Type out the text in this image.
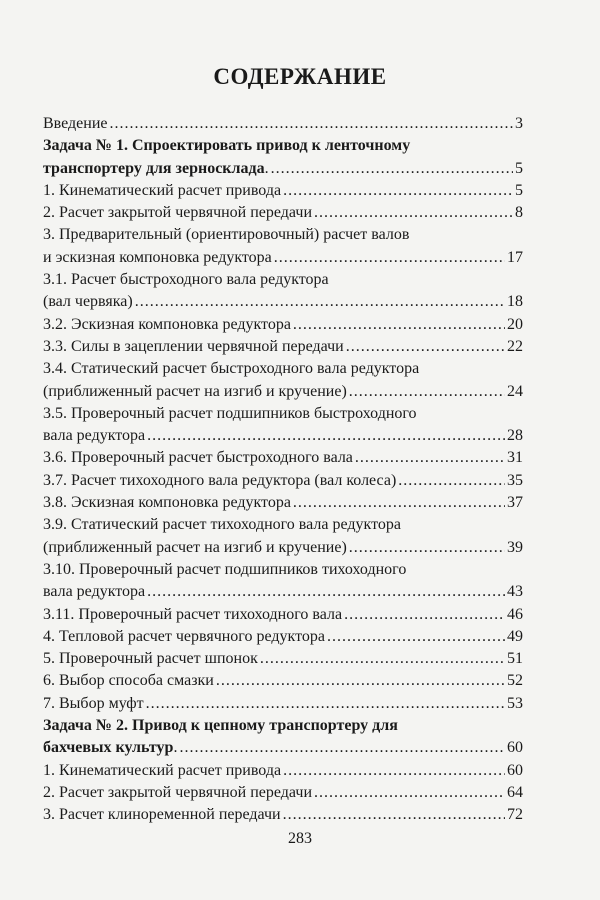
СОДЕРЖАНИЕ
Введение .....	3
Задача № 1. Спроектировать привод к ленточному
транспортеру для зерносклада . .....	5
1. Кинематический расчет привода .....	5
2. Расчет закрытой червячной передачи .....	8
3. Предварительный (ориентировочный) расчет валов
и эскизная компоновка редуктора .....	17
3.1. Расчет быстроходного вала редуктора
(вал червяка) .....	18
3.2. Эскизная компоновка редуктора .....	20
3.3. Силы в зацеплении червячной передачи .....	22
3.4. Статический расчет быстроходного вала редуктора
(приближенный расчет на изгиб и кручение) .....	24
3.5. Проверочный расчет подшипников быстроходного
вала редуктора .....	28
3.6. Проверочный расчет быстроходного вала .....	31
3.7. Расчет тихоходного вала редуктора (вал колеса) .....	35
3.8. Эскизная компоновка редуктора .....	37
3.9. Статический расчет тихоходного вала редуктора
(приближенный расчет на изгиб и кручение) .....	39
3.10. Проверочный расчет подшипников тихоходного
вала редуктора .....	43
3.11. Проверочный расчет тихоходного вала .....	46
4. Тепловой расчет червячного редуктора .....	49
5. Проверочный расчет шпонок .....	51
6. Выбор способа смазки .....	52
7. Выбор муфт .....	53
Задача № 2. Привод к цепному транспортеру для
бахчевых культур . .....	60
1. Кинематический расчет привода .....	60
2. Расчет закрытой червячной передачи .....	64
3. Расчет клиноременной передачи .....	72
283
